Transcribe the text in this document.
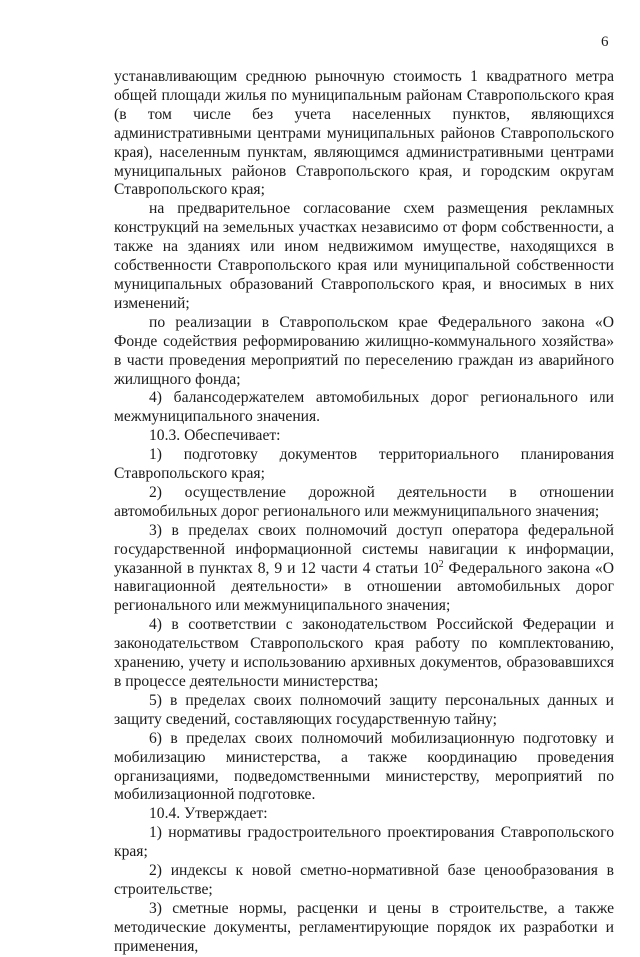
6

устанавливающим среднюю рыночную стоимость 1 квадратного метра общей площади жилья по муниципальным районам Ставропольского края (в том числе без учета населенных пунктов, являющихся административными центрами муниципальных районов Ставропольского края), населенным пунктам, являющимся административными центрами муниципальных районов Ставропольского края, и городским округам Ставропольского края;

на предварительное согласование схем размещения рекламных конструкций на земельных участках независимо от форм собственности, а также на зданиях или ином недвижимом имуществе, находящихся в собственности Ставропольского края или муниципальной собственности муниципальных образований Ставропольского края, и вносимых в них изменений;

по реализации в Ставропольском крае Федерального закона «О Фонде содействия реформированию жилищно-коммунального хозяйства» в части проведения мероприятий по переселению граждан из аварийного жилищного фонда;

4) балансодержателем автомобильных дорог регионального или межмуниципального значения.

10.3. Обеспечивает:

1) подготовку документов территориального планирования Ставропольского края;

2) осуществление дорожной деятельности в отношении автомобильных дорог регионального или межмуниципального значения;

3) в пределах своих полномочий доступ оператора федеральной государственной информационной системы навигации к информации, указанной в пунктах 8, 9 и 12 части 4 статьи $10^2$ Федерального закона «О навигационной деятельности» в отношении автомобильных дорог регионального или межмуниципального значения;

4) в соответствии с законодательством Российской Федерации и законодательством Ставропольского края работу по комплектованию, хранению, учету и использованию архивных документов, образовавшихся в процессе деятельности министерства;

5) в пределах своих полномочий защиту персональных данных и защиту сведений, составляющих государственную тайну;

6) в пределах своих полномочий мобилизационную подготовку и мобилизацию министерства, а также координацию проведения организациями, подведомственными министерству, мероприятий по мобилизационной подготовке.

10.4. Утверждает:

1) нормативы градостроительного проектирования Ставропольского края;

2) индексы к новой сметно-нормативной базе ценообразования в строительстве;

3) сметные нормы, расценки и цены в строительстве, а также методические документы, регламентирующие порядок их разработки и применения,
